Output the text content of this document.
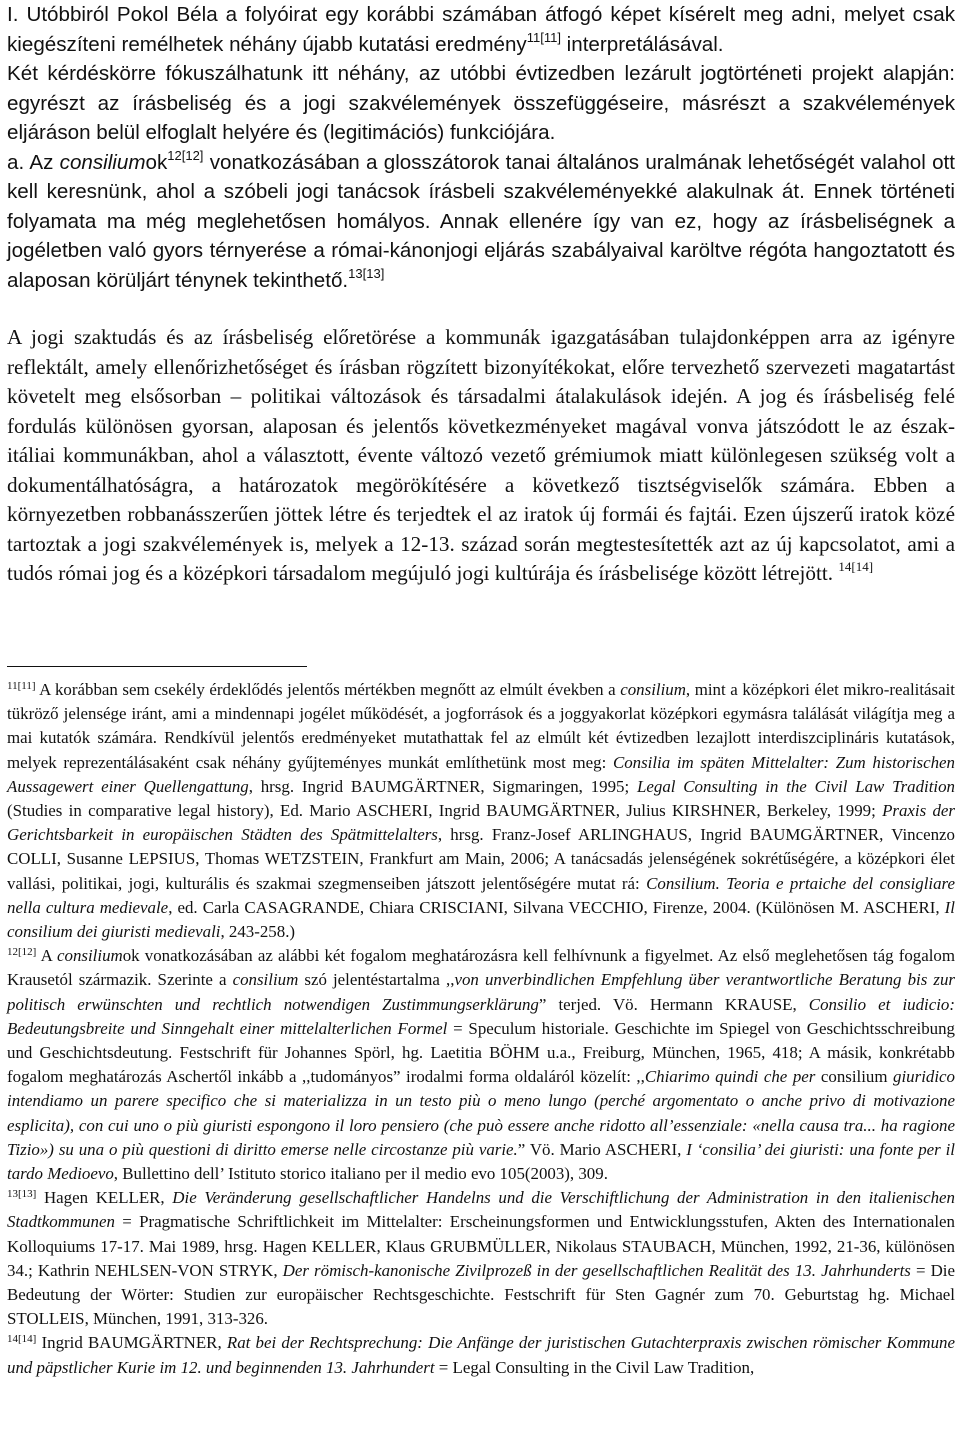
I. Utóbbiról Pokol Béla a folyóirat egy korábbi számában átfogó képet kísérelt meg adni, melyet csak kiegészíteni remélhetek néhány újabb kutatási eredmény$^{11[11]}$ interpretálásával.

Két kérdéskörre fókuszálhatunk itt néhány, az utóbbi évtizedben lezárult jogtörténeti projekt alapján: egyrészt az írásbeliség és a jogi szakvélemények összefüggéseire, másrészt a szakvélemények eljáráson belül elfoglalt helyére és (legitimációs) funkciójára.

a. Az consiliumok$^{12[12]}$ vonatkozásában a glosszátorok tanai általános uralmának lehetőségét valahol ott kell keresnünk, ahol a szóbeli jogi tanácsok írásbeli szakvéleményekké alakulnak át. Ennek történeti folyamata ma még meglehetősen homályos. Annak ellenére így van ez, hogy az írásbeliségnek a jogéletben való gyors térnyerése a római-kánonjogi eljárás szabályaival karöltve régóta hangoztatott és alaposan körüljárt ténynek tekinthető.$^{13[13]}$

A jogi szaktudás és az írásbeliség előretörése a kommunák igazgatásában tulajdonképpen arra az igényre reflektált, amely ellenőrizhetőséget és írásban rögzített bizonyítékokat, előre tervezhető szervezeti magatartást követelt meg elsősorban – politikai változások és társadalmi átalakulások idején. A jog és írásbeliség felé fordulás különösen gyorsan, alaposan és jelentős következményeket magával vonva játszódott le az észak-itáliai kommunákban, ahol a választott, évente változó vezető grémiumok miatt különlegesen szükség volt a dokumentálhatóságra, a határozatok megörökítésére a következő tisztségviselők számára. Ebben a környezetben robbanásszerűen jöttek létre és terjedtek el az iratok új formái és fajtái. Ezen újszerű iratok közé tartoztak a jogi szakvélemények is, melyek a 12-13. század során megtestesítették azt az új kapcsolatot, ami a tudós római jog és a középkori társadalom megújuló jogi kultúrája és írásbelisége között létrejött. $^{14[14]}$

$^{11[11]}$ A korábban sem csekély érdeklődés jelentős mértékben megnőtt az elmúlt években a consilium, mint a középkori élet mikro-realitásait tükröző jelensége iránt, ami a mindennapi jogélet működését, a jogforrások és a joggyakorlat középkori egymásra találását világítja meg a mai kutatók számára. Rendkívül jelentős eredményeket mutathattak fel az elmúlt két évtizedben lezajlott interdiszciplináris kutatások, melyek reprezentálásaként csak néhány gyűjteményes munkát említhetünk most meg: Consilia im späten Mittelalter: Zum historischen Aussagewert einer Quellengattung, hrsg. Ingrid BAUMGÄRTNER, Sigmaringen, 1995; Legal Consulting in the Civil Law Tradition (Studies in comparative legal history), Ed. Mario ASCHERI, Ingrid BAUMGÄRTNER, Julius KIRSHNER, Berkeley, 1999; Praxis der Gerichtsbarkeit in europäischen Städten des Spätmittelalters, hrsg. Franz-Josef ARLINGHAUS, Ingrid BAUMGÄRTNER, Vincenzo COLLI, Susanne LEPSIUS, Thomas WETZSTEIN, Frankfurt am Main, 2006; A tanácsadás jelenségének sokrétűségére, a középkori élet vallási, politikai, jogi, kulturális és szakmai szegmenseiben játszott jelentőségére mutat rá: Consilium. Teoria e prtaiche del consigliare nella cultura medievale, ed. Carla CASAGRANDE, Chiara CRISCIANI, Silvana VECCHIO, Firenze, 2004. (Különösen M. ASCHERI, Il consilium dei giuristi medievali, 243-258.)

$^{12[12]}$ A consiliumok vonatkozásában az alábbi két fogalom meghatározásra kell felhívnunk a figyelmet. Az első meglehetősen tág fogalom Krausetól származik. Szerinte a consilium szó jelentéstartalma ,,von unverbindlichen Empfehlung über verantwortliche Beratung bis zur politisch erwünschten und rechtlich notwendigen Zustimmungserklärung” terjed. Vö. Hermann KRAUSE, Consilio et iudicio: Bedeutungsbreite und Sinngehalt einer mittelalterlichen Formel = Speculum historiale. Geschichte im Spiegel von Geschichtsschreibung und Geschichtsdeutung. Festschrift für Johannes Spörl, hg. Laetitia BÖHM u.a., Freiburg, München, 1965, 418; A másik, konkrétabb fogalom meghatározás Aschertől inkább a ,,tudományos” irodalmi forma oldaláról közelít: ,,Chiarimo quindi che per consilium giuridico intendiamo un parere specifico che si materializza in un testo più o meno lungo (perché argomentato o anche privo di motivazione esplicita), con cui uno o più giuristi espongono il loro pensiero (che può essere anche ridotto all’essenziale: «nella causa tra... ha ragione Tizio») su una o più questioni di diritto emerse nelle circostanze più varie.” Vö. Mario ASCHERI, I ‘consilia’ dei giuristi: una fonte per il tardo Medioevo, Bullettino dell’ Istituto storico italiano per il medio evo 105(2003), 309.

$^{13[13]}$ Hagen KELLER, Die Veränderung gesellschaftlicher Handelns und die Verschiftlichung der Administration in den italienischen Stadtkommunen = Pragmatische Schriftlichkeit im Mittelalter: Erscheinungsformen und Entwicklungsstufen, Akten des Internationalen Kolloquiums 17-17. Mai 1989, hrsg. Hagen KELLER, Klaus GRUBMÜLLER, Nikolaus STAUBACH, München, 1992, 21-36, különösen 34.; Kathrin NEHLSEN-VON STRYK, Der römisch-kanonische Zivilprozeß in der gesellschaftlichen Realität des 13. Jahrhunderts = Die Bedeutung der Wörter: Studien zur europäischer Rechtsgeschichte. Festschrift für Sten Gagnér zum 70. Geburtstag hg. Michael STOLLEIS, München, 1991, 313-326.

$^{14[14]}$ Ingrid BAUMGÄRTNER, Rat bei der Rechtsprechung: Die Anfänge der juristischen Gutachterpraxis zwischen römischer Kommune und päpstlicher Kurie im 12. und beginnenden 13. Jahrhundert = Legal Consulting in the Civil Law Tradition,
